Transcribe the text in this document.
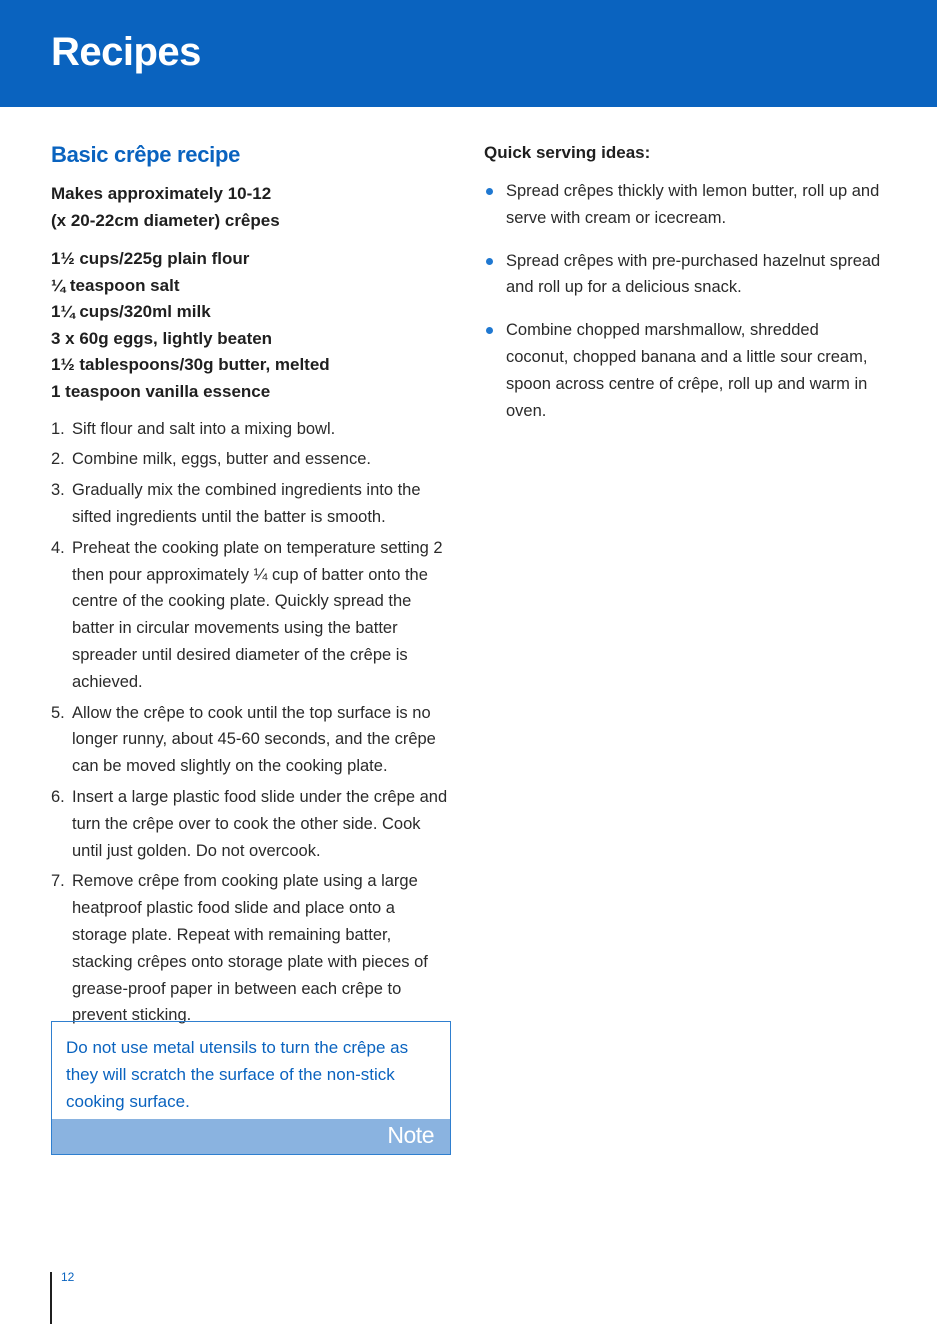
Recipes
Basic crêpe recipe

Makes approximately 10-12
(x 20-22cm diameter) crêpes

1½ cups/225g plain flour
¼ teaspoon salt
1¼ cups/320ml milk
3 x 60g eggs, lightly beaten
1½ tablespoons/30g butter, melted
1 teaspoon vanilla essence
1. Sift flour and salt into a mixing bowl.
2. Combine milk, eggs, butter and essence.
3. Gradually mix the combined ingredients into the sifted ingredients until the batter is smooth.
4. Preheat the cooking plate on temperature setting 2 then pour approximately ¼ cup of batter onto the centre of the cooking plate. Quickly spread the batter in circular movements using the batter spreader until desired diameter of the crêpe is achieved.
5. Allow the crêpe to cook until the top surface is no longer runny, about 45-60 seconds, and the crêpe can be moved slightly on the cooking plate.
6. Insert a large plastic food slide under the crêpe and turn the crêpe over to cook the other side. Cook until just golden. Do not overcook.
7. Remove crêpe from cooking plate using a large heatproof plastic food slide and place onto a storage plate. Repeat with remaining batter, stacking crêpes onto storage plate with pieces of grease-proof paper in between each crêpe to prevent sticking.

Do not use metal utensils to turn the crêpe as they will scratch the surface of the non-stick cooking surface.

Note
Quick serving ideas:
Spread crêpes thickly with lemon butter, roll up and serve with cream or icecream.
Spread crêpes with pre-purchased hazelnut spread and roll up for a delicious snack.
Combine chopped marshmallow, shredded coconut, chopped banana and a little sour cream, spoon across centre of crêpe, roll up and warm in oven.
12
